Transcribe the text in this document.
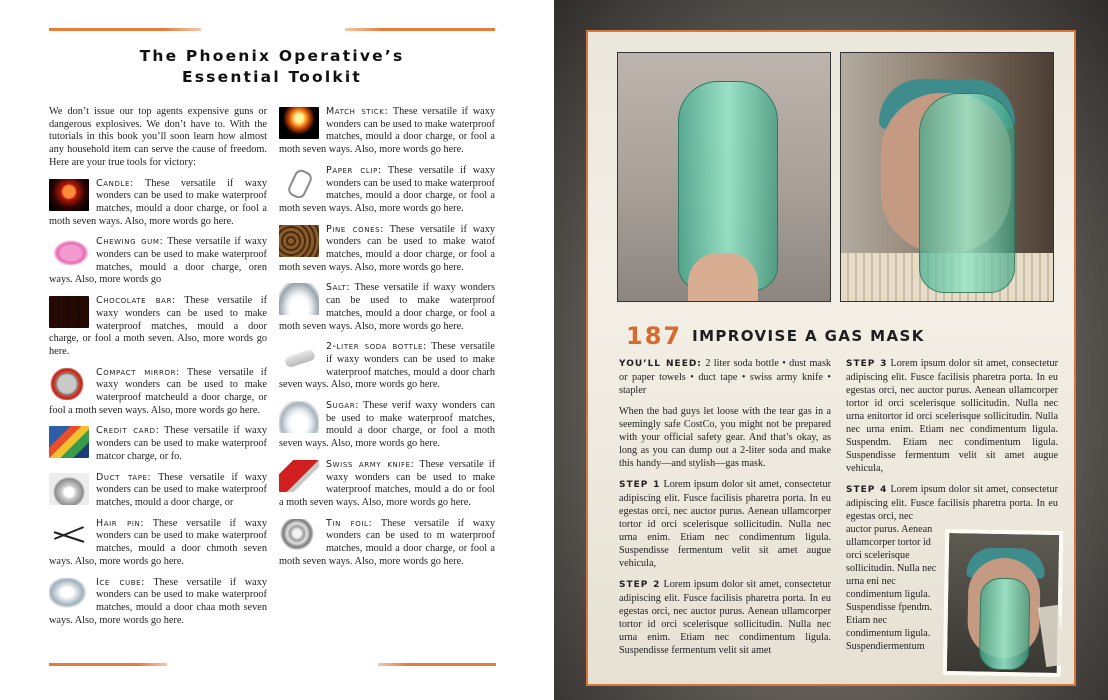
The Phoenix Operative’s
Essential Toolkit

We don’t issue our top agents expensive guns or dangerous explosives. We don’t have to. With the tutorials in this book you’ll soon learn how almost any household item can serve the cause of freedom. Here are your true tools for victory:

Candle: These versatile if waxy wonders can be used to make waterproof matches, mould a door charge, or fool a moth seven ways. Also, more words go here.
Chewing gum: These versatile if waxy wonders can be used to make waterproof matches, mould a door charge, oren ways. Also, more words go
Chocolate bar: These versatile if waxy wonders can be used to make waterproof matches, mould a door charge, or fool a moth seven. Also, more words go here.
Compact mirror: These versatile if waxy wonders can be used to make waterproof matcheuld a door charge, or fool a moth seven ways. Also, more words go here.
Credit card: These versatile if waxy wonders can be used to make waterproof matcor charge, or fo.
Duct tape: These versatile if waxy wonders can be used to make waterproof matches, mould a door charge, or
Hair pin: These versatile if waxy wonders can be used to make waterproof matches, mould a door chmoth seven ways. Also, more words go here.
Ice cube: These versatile if waxy wonders can be used to make waterproof matches, mould a door chaa moth seven ways. Also, more words go here.
Match stick: These versatile if waxy wonders can be used to make waterproof matches, mould a door charge, or fool a moth seven ways. Also, more words go here.
Paper clip: These versatile if waxy wonders can be used to make waterproof matches, mould a door charge, or fool a moth seven ways. Also, more words go here.
Pine cones: These versatile if waxy wonders can be used to make watof matches, mould a door charge, or fool a moth seven ways. Also, more words go here.
Salt: These versatile if waxy wonders can be used to make waterproof matches, mould a door charge, or fool a moth seven ways. Also, more words go here.
2-liter soda bottle: These versatile if waxy wonders can be used to make waterproof matches, mould a door charh seven ways. Also, more words go here.
Sugar: These verif waxy wonders can be used to make waterproof matches, mould a door charge, or fool a moth seven ways. Also, more words go here.
Swiss army knife: These versatile if waxy wonders can be used to make waterproof matches, mould a do or fool a moth seven ways. Also, more words go here.
Tin foil: These versatile if waxy wonders can be used to m waterproof matches, mould a door charge, or fool a moth seven ways. Also, more words go here.
187 IMPROVISE A GAS MASK

YOU’LL NEED: 2 liter soda bottle • dust mask or paper towels • duct tape • swiss army knife • stapler

When the bad guys let loose with the tear gas in a seemingly safe CostCo, you might not be prepared with your official safety gear. And that’s okay, as long as you can dump out a 2-liter soda and make this handy—and stylish—gas mask.

STEP 1 Lorem ipsum dolor sit amet, consectetur adipiscing elit. Fusce facilisis pharetra porta. In eu egestas orci, nec auctor purus. Aenean ullamcorper tortor id orci scelerisque sollicitudin. Nulla nec urna enim. Etiam nec condimentum ligula. Suspendisse fermentum velit sit amet augue vehicula,

STEP 2 Lorem ipsum dolor sit amet, consectetur adipiscing elit. Fusce facilisis pharetra porta. In eu egestas orci, nec auctor purus. Aenean ullamcorper tortor id orci scelerisque sollicitudin. Nulla nec urna enim. Etiam nec condimentum ligula. Suspendisse fermentum velit sit amet

STEP 3 Lorem ipsum dolor sit amet, consectetur adipiscing elit. Fusce facilisis pharetra porta. In eu egestas orci, nec auctor purus. Aenean ullamcorper tortor id orci scelerisque sollicitudin. Nulla nec urna enitortor id orci scelerisque sollicitudin. Nulla nec urna enim. Etiam nec condimentum ligula. Suspendm. Etiam nec condimentum ligula. Suspendisse fermentum velit sit amet augue vehicula,

STEP 4 Lorem ipsum dolor sit amet, consectetur adipiscing elit. Fusce facilisis pharetra porta. In eu egestas orci, nec
auctor purus. Aenean ullamcorper tortor id orci scelerisque sollicitudin. Nulla nec urna eni nec condimentum ligula. Suspendisse fpendm. Etiam nec condimentum ligula. Suspendiermentum
